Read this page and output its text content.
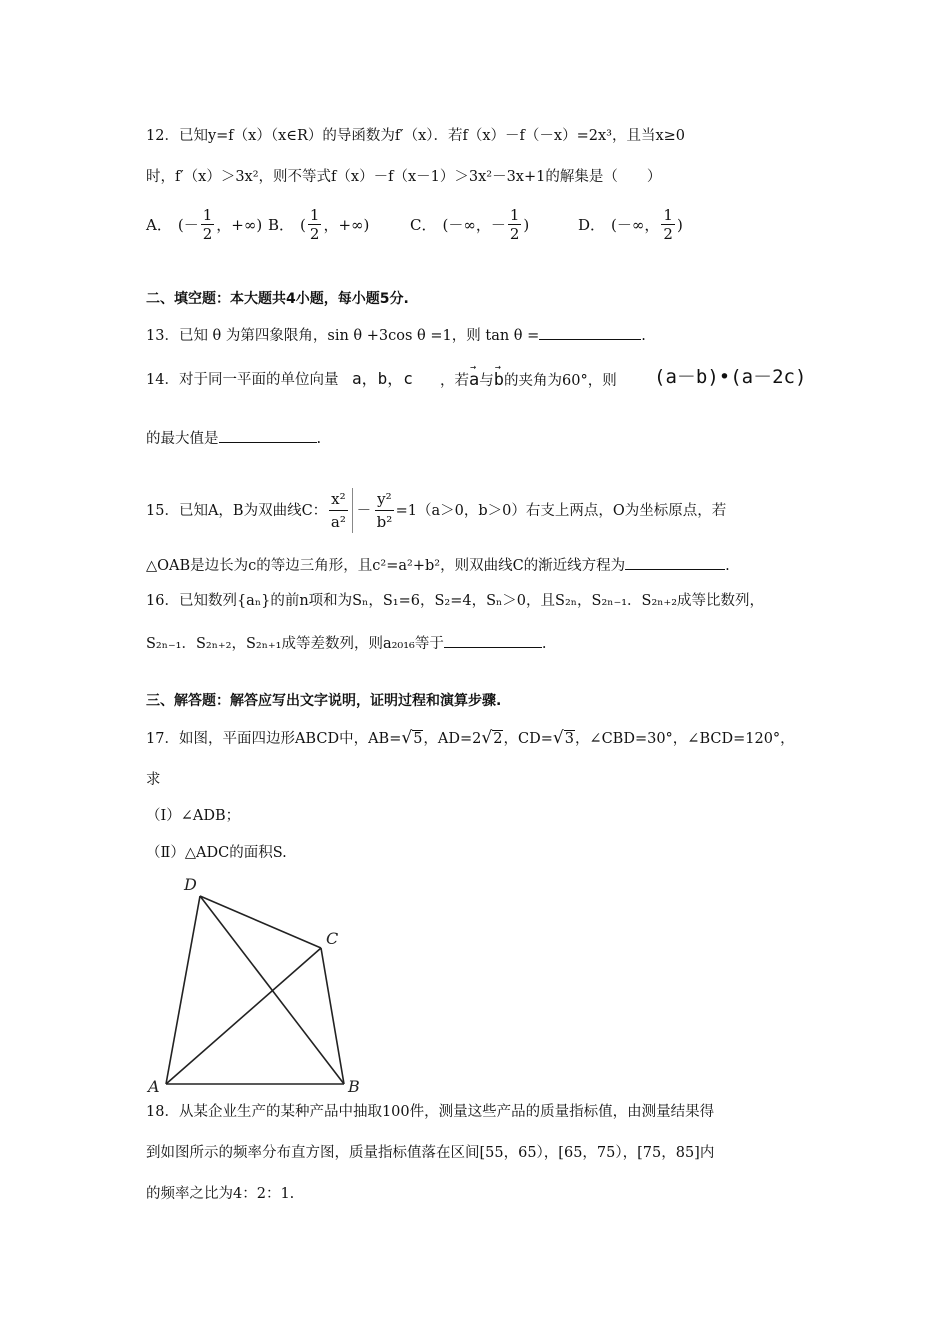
12．已知y=f（x）（x∈R）的导函数为f′（x）．若f（x）－f（－x）=2x³，且当x≥0
时，f′（x）＞3x²，则不等式f（x）－f（x－1）＞3x²－3x+1的解集是（　　）
A． (－ $\frac{1}{2}$ ，+∞) B． ( $\frac{1}{2}$ ，+∞)	C． (－∞，－ $\frac{1}{2}$ )	D． (－∞， $\frac{1}{2}$ )
二、填空题：本大题共4小题，每小题5分.
13．已知 θ 为第四象限角，sin θ +3cos θ =1，则 tan θ =	.
14．对于同一平面的单位向量 a，b，c ，若→ a与→ b的夹角为60°，则 (a－b)•(a－2c)
的最大值是	.
15．已知A，B为双曲线C： $\frac{\text{x²}}{\text{a²}} - \frac{\text{y²}}{\text{b²}} =1(a>0$，b＞0）右支上两点，O为坐标原点，若
△OAB是边长为c的等边三角形，且c²=a²+b²，则双曲线C的渐近线方程为	.
16．已知数列{aₙ}的前n项和为Sₙ，S₁=6，S₂=4，Sₙ＞0，且S₂ₙ，S₂ₙ₋₁．S₂ₙ₊₂成等比数列，
S₂ₙ₋₁．S₂ₙ₊₂，S₂ₙ₊₁成等差数列，则a₂₀₁₆等于	.
三、解答题：解答应写出文字说明，证明过程和演算步骤.
17．如图，平面四边形ABCD中，AB=√5，AD=2√2，CD=√3，∠CBD=30°，∠BCD=120°，
求
（Ⅰ）∠ADB；
（Ⅱ）△ADC的面积S.
D
C
A	B
18．从某企业生产的某种产品中抽取100件，测量这些产品的质量指标值，由测量结果得
到如图所示的频率分布直方图，质量指标值落在区间[55，65），[65，75），[75，85]内
的频率之比为4：2：1.
